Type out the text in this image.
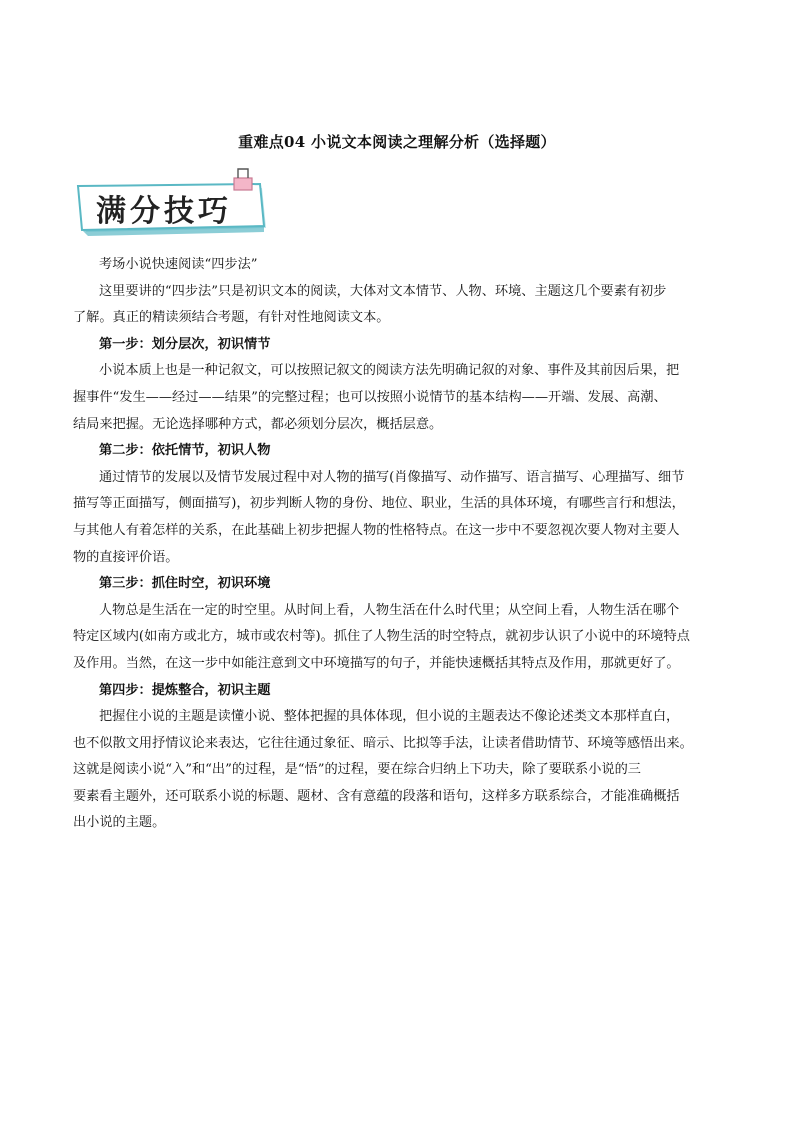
重难点04 小说文本阅读之理解分析（选择题）
满分技巧

考场小说快速阅读“四步法”

这里要讲的“四步法”只是初识文本的阅读，大体对文本情节、人物、环境、主题这几个要素有初步

了解。真正的精读须结合考题，有针对性地阅读文本。

第一步：划分层次，初识情节

小说本质上也是一种记叙文，可以按照记叙文的阅读方法先明确记叙的对象、事件及其前因后果，把

握事件“发生——经过——结果”的完整过程；也可以按照小说情节的基本结构——开端、发展、高潮、

结局来把握。无论选择哪种方式，都必须划分层次，概括层意。

第二步：依托情节，初识人物

通过情节的发展以及情节发展过程中对人物的描写(肖像描写、动作描写、语言描写、心理描写、细节

描写等正面描写，侧面描写)，初步判断人物的身份、地位、职业，生活的具体环境，有哪些言行和想法，

与其他人有着怎样的关系，在此基础上初步把握人物的性格特点。在这一步中不要忽视次要人物对主要人

物的直接评价语。

第三步：抓住时空，初识环境

人物总是生活在一定的时空里。从时间上看，人物生活在什么时代里；从空间上看，人物生活在哪个

特定区域内(如南方或北方，城市或农村等)。抓住了人物生活的时空特点，就初步认识了小说中的环境特点

及作用。当然，在这一步中如能注意到文中环境描写的句子，并能快速概括其特点及作用，那就更好了。

第四步：提炼整合，初识主题

把握住小说的主题是读懂小说、整体把握的具体体现，但小说的主题表达不像论述类文本那样直白，

也不似散文用抒情议论来表达，它往往通过象征、暗示、比拟等手法，让读者借助情节、环境等感悟出来。

这就是阅读小说“入”和“出”的过程，是“悟”的过程，要在综合归纳上下功夫，除了要联系小说的三

要素看主题外，还可联系小说的标题、题材、含有意蕴的段落和语句，这样多方联系综合，才能准确概括

出小说的主题。
